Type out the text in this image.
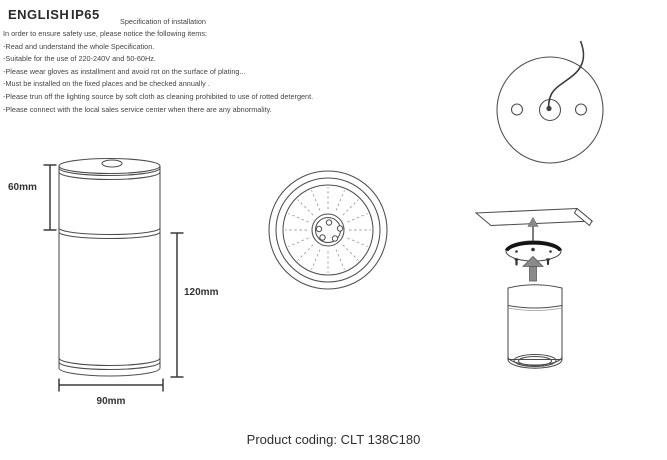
ENGLISH IP65	Specification of installation
In order to ensure safety use, please notice the following items:
-Read and understand the whole Specification.
-Suitable for the use of 220-240V and 50-60Hz.
-Please wear gloves as installment and avoid rot on the surface of plating...
-Must be installed on the fixed places and be checked annually .
-Please trun off the lighting source by soft cloth as cleaning prohibited to use of rotted detergent.
-Please connect with the local sales service center when there are any abnormality.
60mm
120mm
90mm
Product coding: CLT 138C180
